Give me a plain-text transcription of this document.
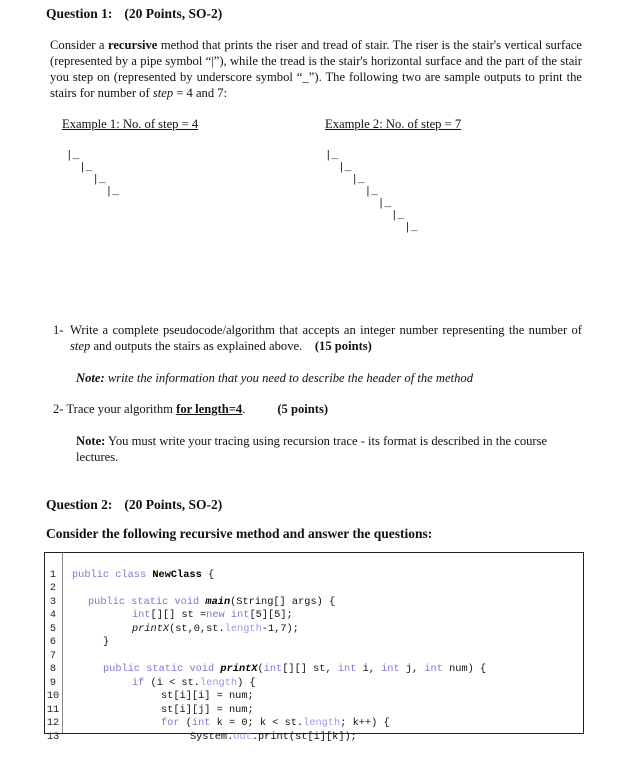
Question 1: (20 Points, SO-2)
Consider a recursive method that prints the riser and tread of stair. The riser is the stair's vertical surface (represented by a pipe symbol “|”), while the tread is the stair's horizontal surface and the part of the stair you step on (represented by underscore symbol “_”). The following two are sample outputs to print the stairs for number of step = 4 and 7:
Example 1: No. of step = 4	Example 2: No. of step = 7
|_
|_
|_
|_
|_
|_
|_
|_
|_
|_
|_
1- Write a complete pseudocode/algorithm that accepts an integer number representing the number of step and outputs the stairs as explained above. (15 points)
Note: write the information that you need to describe the header of the method
2- Trace your algorithm for length=4.	(5 points)
Note: You must write your tracing using recursion trace - its format is described in the course lectures.
Question 2: (20 Points, SO-2)
Consider the following recursive method and answer the questions:

1	public class NewClass {

2

3	public static void main(String[] args) {

4	int[][] st =new int[5][5];

5	printX(st,0,st.length-1,7);

6	}

7

8	public static void printX(int[][] st, int i, int j, int num) {

9	if (i < st.length) {

10	st[i][i] = num;

11	st[i][j] = num;

12	for (int k = 0; k < st.length; k++) {

13	System.out.print(st[i][k]);
